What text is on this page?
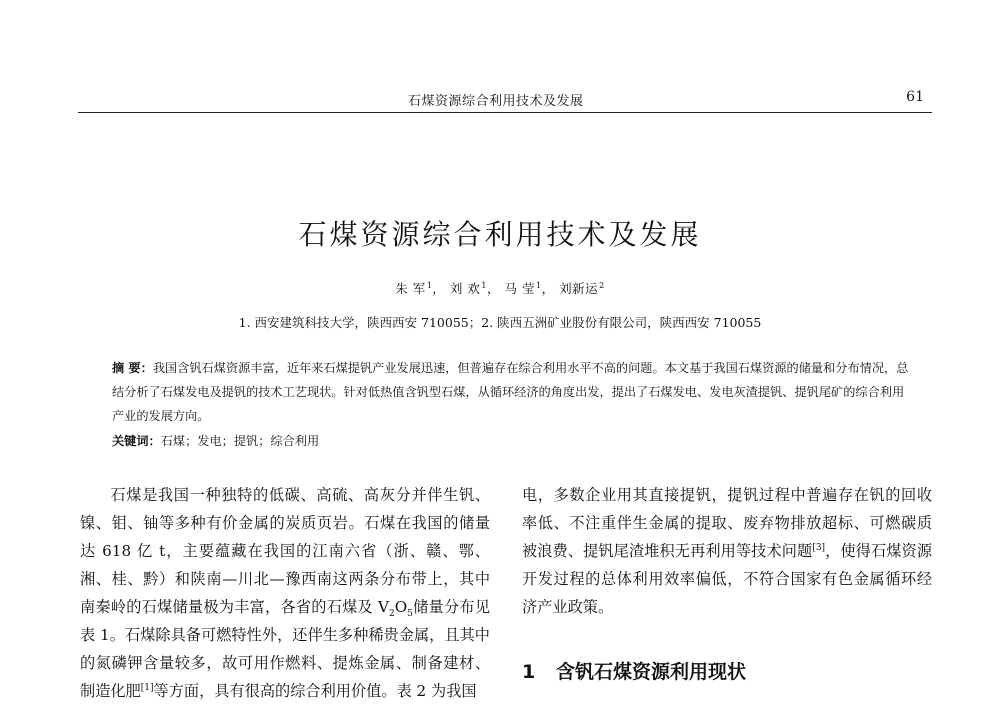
石煤资源综合利用技术及发展	61
石煤资源综合利用技术及发展
朱 军$^1$， 刘 欢$^1$， 马 莹$^1$， 刘新运$^2$
1. 西安建筑科技大学，陕西西安 710055；2. 陕西五洲矿业股份有限公司，陕西西安 710055
摘 要：我国含钒石煤资源丰富，近年来石煤提钒产业发展迅速，但普遍存在综合利用水平不高的问题。本文基于我国石煤资源的储量和分布情况，总结分析了石煤发电及提钒的技术工艺现状。针对低热值含钒型石煤，从循环经济的角度出发，提出了石煤发电、发电灰渣提钒、提钒尾矿的综合利用产业的发展方向。
关键词：石煤；发电；提钒；综合利用

石煤是我国一种独特的低碳、高硫、高灰分并伴生钒、镍、钼、铀等多种有价金属的炭质页岩。石煤在我国的储量达 618 亿 t，主要蕴藏在我国的江南六省（浙、赣、鄂、湘、桂、黔）和陕南—川北—豫西南这两条分布带上，其中南秦岭的石煤储量极为丰富，各省的石煤及 $V_2O_5$储量分布见表 1。石煤除具备可燃特性外，还伴生多种稀贵金属，且其中的氮磷钾含量较多，故可用作燃料、提炼金属、制备建材、制造化肥[1]等方面，具有很高的综合利用价值。表 2 为我国

电，多数企业用其直接提钒，提钒过程中普遍存在钒的回收率低、不注重伴生金属的提取、废弃物排放超标、可燃碳质被浪费、提钒尾渣堆积无再利用等技术问题[3]，使得石煤资源开发过程的总体利用效率偏低，不符合国家有色金属循环经济产业政策。

1 含钒石煤资源利用现状
